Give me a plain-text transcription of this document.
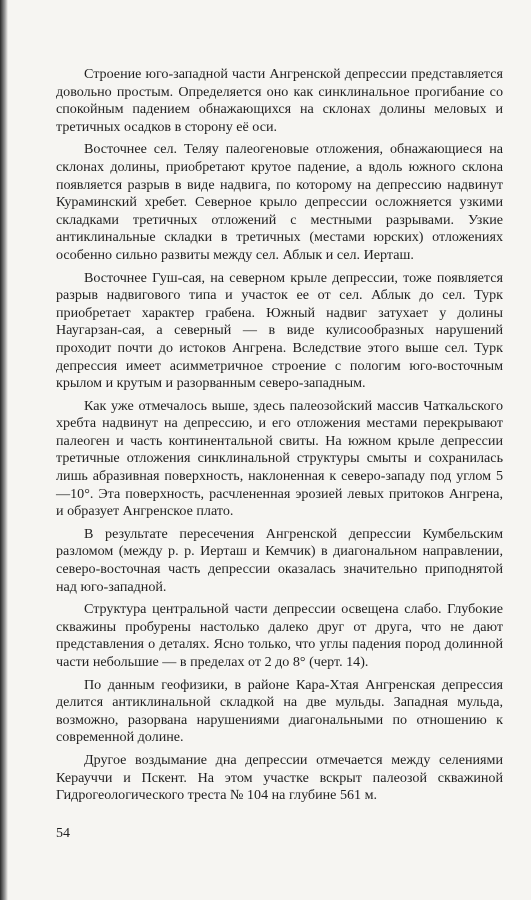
Строение юго-западной части Ангренской депрессии представляется довольно простым. Определяется оно как синклинальное прогибание со спокойным падением обнажающихся на склонах долины меловых и третичных осадков в сторону её оси.

Восточнее сел. Теляу палеогеновые отложения, обнажающиеся на склонах долины, приобретают крутое падение, а вдоль южного склона появляется разрыв в виде надвига, по которому на депрессию надвинут Кураминский хребет. Северное крыло депрессии осложняется узкими складками третичных отложений с местными разрывами. Узкие антиклинальные складки в третичных (местами юрских) отложениях особенно сильно развиты между сел. Аблык и сел. Иерташ.

Восточнее Гуш-сая, на северном крыле депрессии, тоже появляется разрыв надвигового типа и участок ее от сел. Аблык до сел. Турк приобретает характер грабена. Южный надвиг затухает у долины Наугарзан-сая, а северный — в виде кулисообразных нарушений проходит почти до истоков Ангрена. Вследствие этого выше сел. Турк депрессия имеет асимметричное строение с пологим юго-восточным крылом и крутым и разорванным северо-западным.

Как уже отмечалось выше, здесь палеозойский массив Чаткальского хребта надвинут на депрессию, и его отложения местами перекрывают палеоген и часть континентальной свиты. На южном крыле депрессии третичные отложения синклинальной структуры смыты и сохранилась лишь абразивная поверхность, наклоненная к северо-западу под углом 5—10°. Эта поверхность, расчлененная эрозией левых притоков Ангрена, и образует Ангренское плато.

В результате пересечения Ангренской депрессии Кумбельским разломом (между р. р. Иерташ и Кемчик) в диагональном направлении, северо-восточная часть депрессии оказалась значительно приподнятой над юго-западной.

Структура центральной части депрессии освещена слабо. Глубокие скважины пробурены настолько далеко друг от друга, что не дают представления о деталях. Ясно только, что углы падения пород долинной части небольшие — в пределах от 2 до 8° (черт. 14).

По данным геофизики, в районе Кара-Хтая Ангренская депрессия делится антиклинальной складкой на две мульды. Западная мульда, возможно, разорвана нарушениями диагональными по отношению к современной долине.

Другое воздымание дна депрессии отмечается между селениями Керауччи и Пскент. На этом участке вскрыт палеозой скважиной Гидрогеологического треста № 104 на глубине 561 м.

54
